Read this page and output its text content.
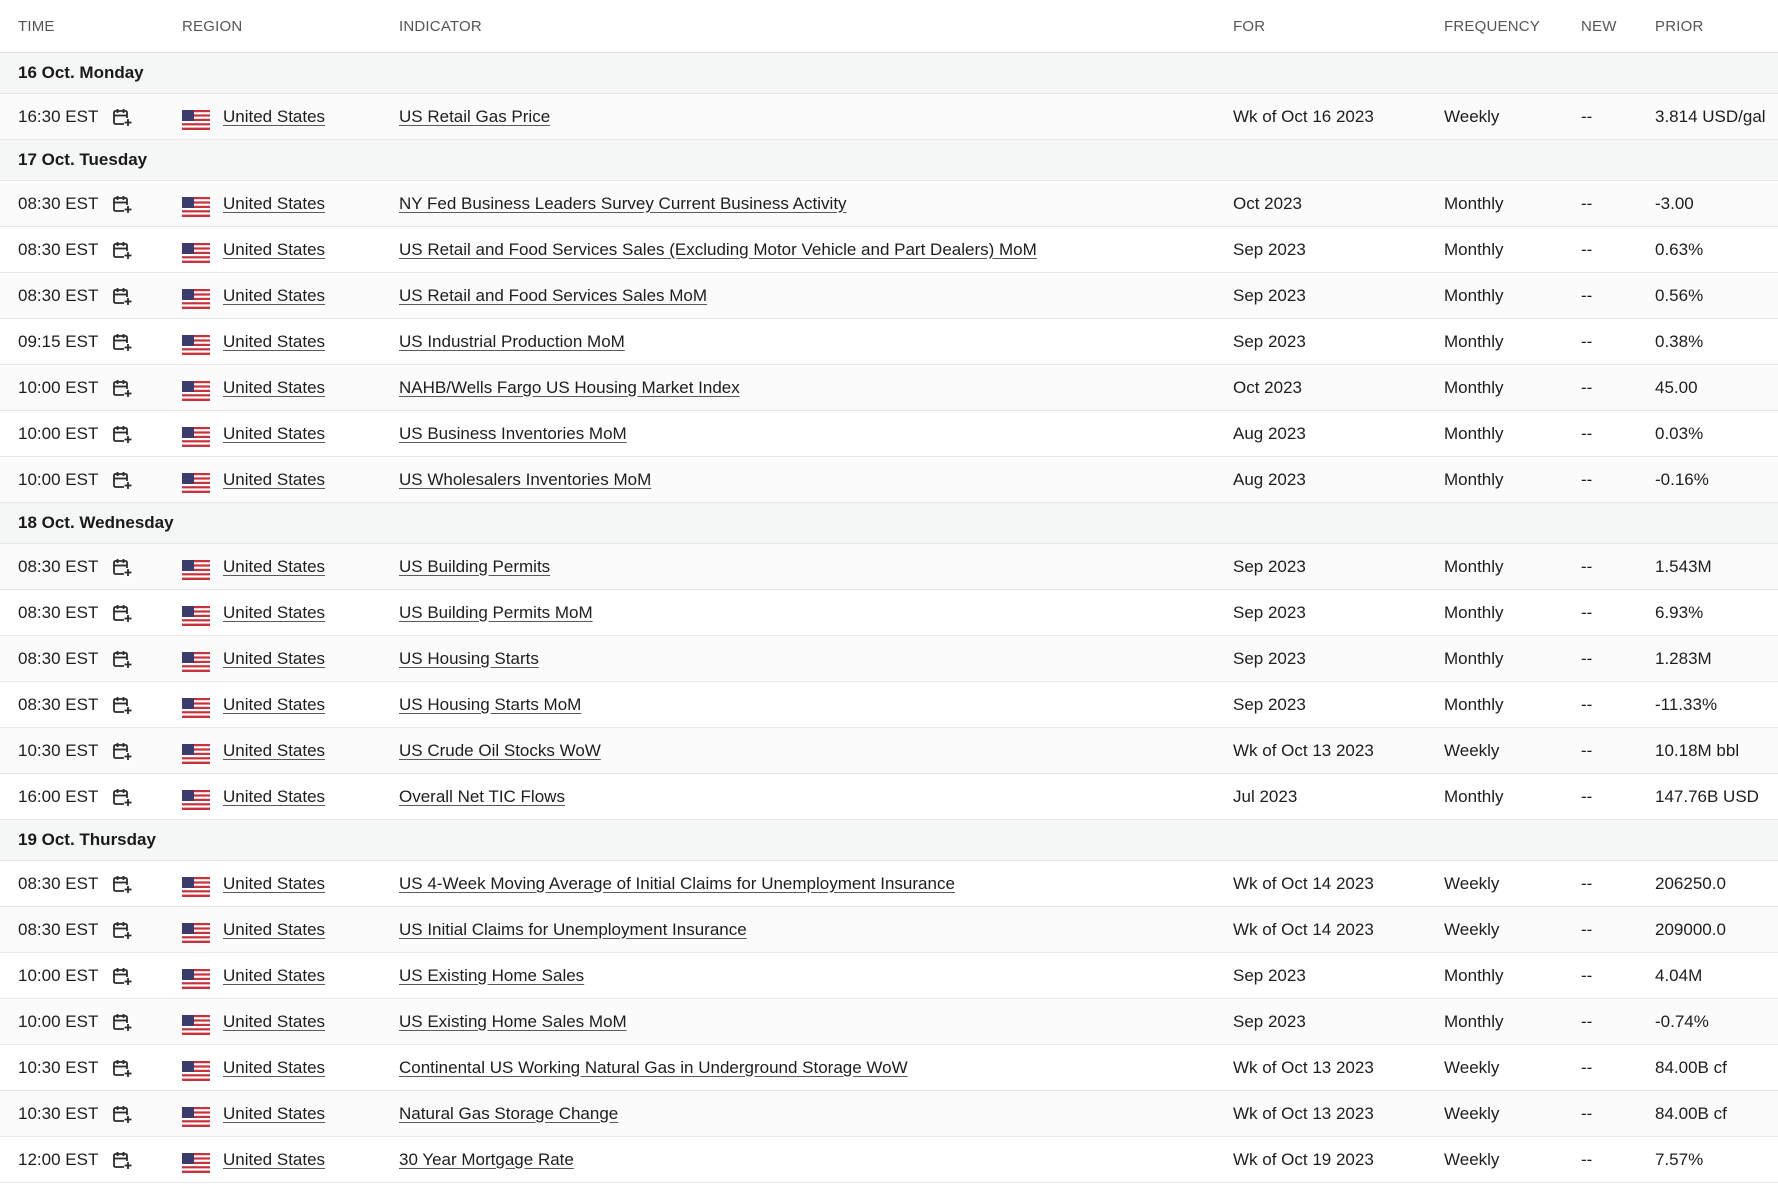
TIME		REGION	INDICATOR	FOR	FREQUENCY	NEW	PRIOR
16 Oct. Monday							
16:30 EST		United States	US Retail Gas Price	Wk of Oct 16 2023	Weekly	--	3.814 USD/gal
17 Oct. Tuesday							
08:30 EST		United States	NY Fed Business Leaders Survey Current Business Activity	Oct 2023	Monthly	--	-3.00
08:30 EST		United States	US Retail and Food Services Sales (Excluding Motor Vehicle and Part Dealers) MoM	Sep 2023	Monthly	--	0.63%
08:30 EST		United States	US Retail and Food Services Sales MoM	Sep 2023	Monthly	--	0.56%
09:15 EST		United States	US Industrial Production MoM	Sep 2023	Monthly	--	0.38%
10:00 EST		United States	NAHB/Wells Fargo US Housing Market Index	Oct 2023	Monthly	--	45.00
10:00 EST		United States	US Business Inventories MoM	Aug 2023	Monthly	--	0.03%
10:00 EST		United States	US Wholesalers Inventories MoM	Aug 2023	Monthly	--	-0.16%
18 Oct. Wednesday							
08:30 EST		United States	US Building Permits	Sep 2023	Monthly	--	1.543M
08:30 EST		United States	US Building Permits MoM	Sep 2023	Monthly	--	6.93%
08:30 EST		United States	US Housing Starts	Sep 2023	Monthly	--	1.283M
08:30 EST		United States	US Housing Starts MoM	Sep 2023	Monthly	--	-11.33%
10:30 EST		United States	US Crude Oil Stocks WoW	Wk of Oct 13 2023	Weekly	--	10.18M bbl
16:00 EST		United States	Overall Net TIC Flows	Jul 2023	Monthly	--	147.76B USD
19 Oct. Thursday							
08:30 EST		United States	US 4-Week Moving Average of Initial Claims for Unemployment Insurance	Wk of Oct 14 2023	Weekly	--	206250.0
08:30 EST		United States	US Initial Claims for Unemployment Insurance	Wk of Oct 14 2023	Weekly	--	209000.0
10:00 EST		United States	US Existing Home Sales	Sep 2023	Monthly	--	4.04M
10:00 EST		United States	US Existing Home Sales MoM	Sep 2023	Monthly	--	-0.74%
10:30 EST		United States	Continental US Working Natural Gas in Underground Storage WoW	Wk of Oct 13 2023	Weekly	--	84.00B cf
10:30 EST		United States	Natural Gas Storage Change	Wk of Oct 13 2023	Weekly	--	84.00B cf
12:00 EST		United States	30 Year Mortgage Rate	Wk of Oct 19 2023	Weekly	--	7.57%
